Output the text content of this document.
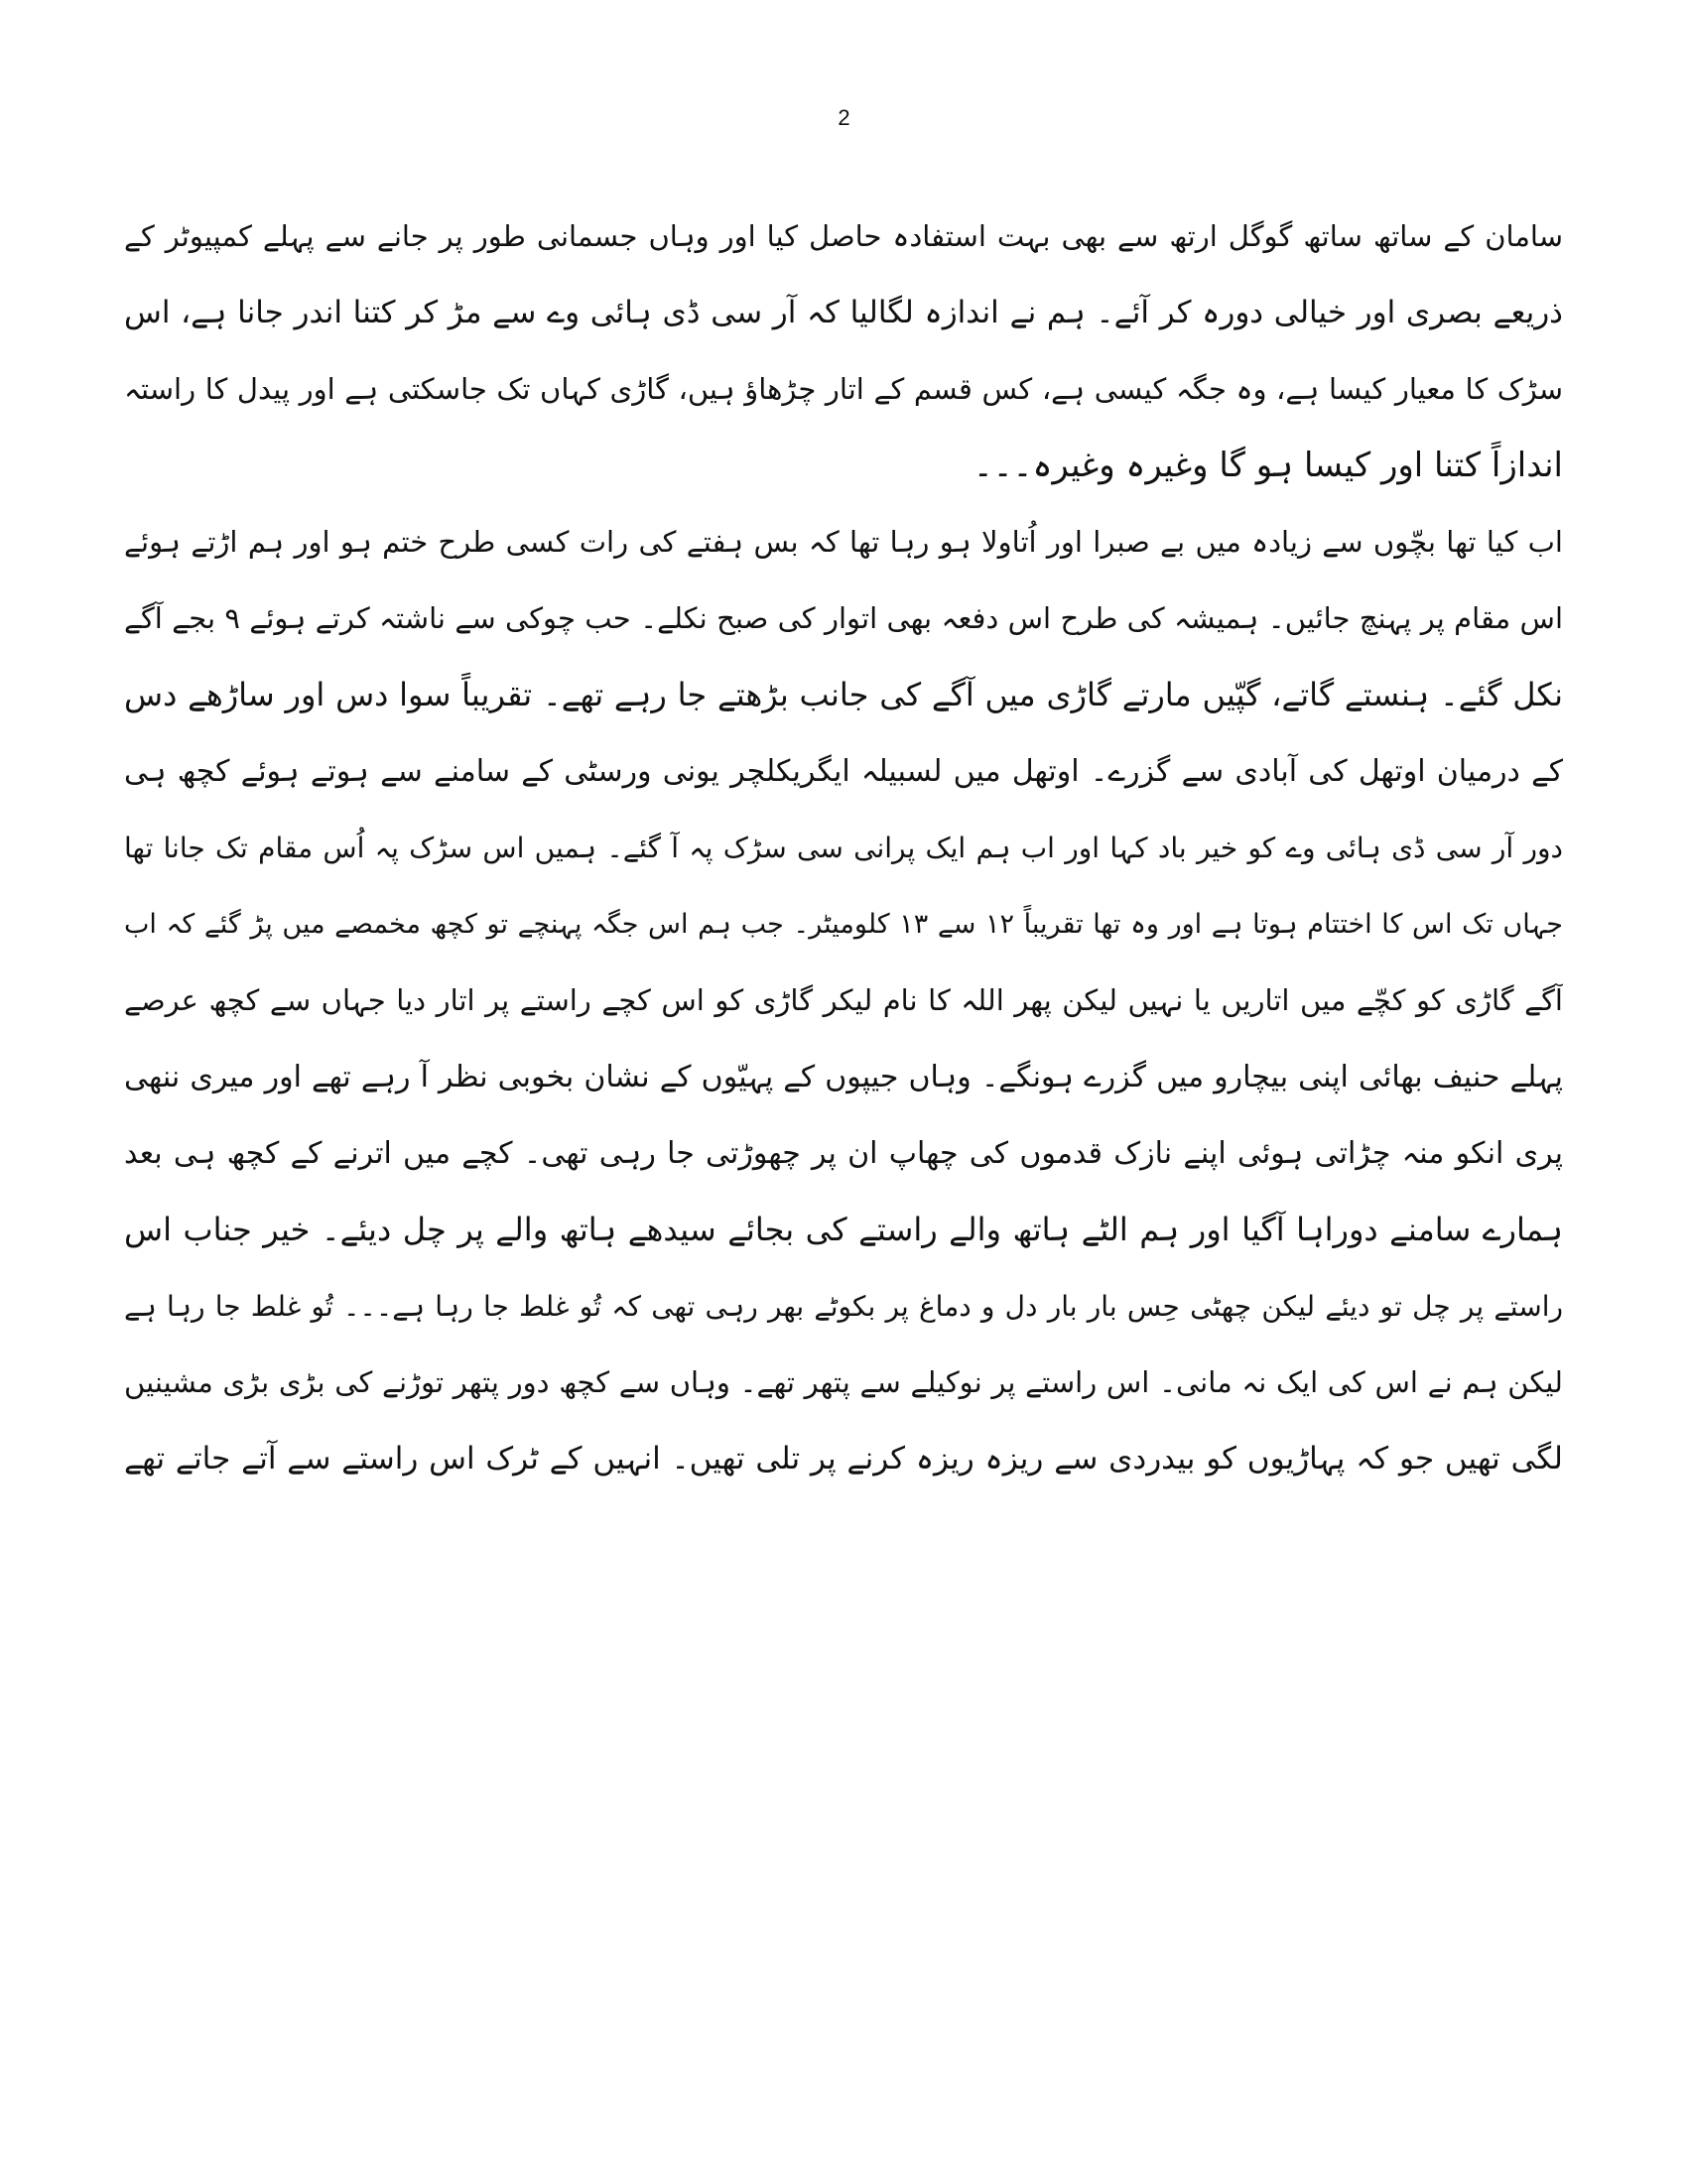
2
سامان کے ساتھ ساتھ گوگل ارتھ سے بھی بہت استفادہ حاصل کیا اور وہاں جسمانی طور پر جانے سے پہلے کمپیوٹر کے
ذریعے بصری اور خیالی دورہ کر آئے۔ ہم نے اندازہ لگالیا کہ آر سی ڈی ہائی وے سے مڑ کر کتنا اندر جانا ہے، اس
سڑک کا معیار کیسا ہے، وہ جگہ کیسی ہے، کس قسم کے اتار چڑھاؤ ہیں، گاڑی کہاں تک جاسکتی ہے اور پیدل کا راستہ
اندازاً کتنا اور کیسا ہو گا وغیرہ وغیرہ۔۔۔
اب کیا تھا بچّوں سے زیادہ میں بے صبرا اور اُتاولا ہو رہا تھا کہ بس ہفتے کی رات کسی طرح ختم ہو اور ہم اڑتے ہوئے
اس مقام پر پہنچ جائیں۔ ہمیشہ کی طرح اس دفعہ بھی اتوار کی صبح نکلے۔ حب چوکی سے ناشتہ کرتے ہوئے ۹ بجے آگے
نکل گئے۔ ہنستے گاتے، گپّیں مارتے گاڑی میں آگے کی جانب بڑھتے جا رہے تھے۔ تقریباً سوا دس اور ساڑھے دس
کے درمیان اوتھل کی آبادی سے گزرے۔ اوتھل میں لسبیلہ ایگریکلچر یونی ورسٹی کے سامنے سے ہوتے ہوئے کچھ ہی
دور آر سی ڈی ہائی وے کو خیر باد کہا اور اب ہم ایک پرانی سی سڑک پہ آ گئے۔ ہمیں اس سڑک پہ اُس مقام تک جانا تھا
جہاں تک اس کا اختتام ہوتا ہے اور وہ تھا تقریباً ۱۲ سے ۱۳ کلومیٹر۔ جب ہم اس جگہ پہنچے تو کچھ مخمصے میں پڑ گئے کہ اب
آگے گاڑی کو کچّے میں اتاریں یا نہیں لیکن پھر اللہ کا نام لیکر گاڑی کو اس کچے راستے پر اتار دیا جہاں سے کچھ عرصے
پہلے حنیف بھائی اپنی بیچارو میں گزرے ہونگے۔ وہاں جیپوں کے پہیّوں کے نشان بخوبی نظر آ رہے تھے اور میری ننھی
پری انکو منہ چڑاتی ہوئی اپنے نازک قدموں کی چھاپ ان پر چھوڑتی جا رہی تھی۔ کچے میں اترنے کے کچھ ہی بعد
ہمارے سامنے دوراہا آگیا اور ہم الٹے ہاتھ والے راستے کی بجائے سیدھے ہاتھ والے پر چل دیئے۔ خیر جناب اس
راستے پر چل تو دیئے لیکن چھٹی حِس بار بار دل و دماغ پر بکوٹے بھر رہی تھی کہ تُو غلط جا رہا ہے۔۔۔ تُو غلط جا رہا ہے
لیکن ہم نے اس کی ایک نہ مانی۔ اس راستے پر نوکیلے سے پتھر تھے۔ وہاں سے کچھ دور پتھر توڑنے کی بڑی بڑی مشینیں
لگی تھیں جو کہ پہاڑیوں کو بیدردی سے ریزہ ریزہ کرنے پر تلی تھیں۔ انہیں کے ٹرک اس راستے سے آتے جاتے تھے
